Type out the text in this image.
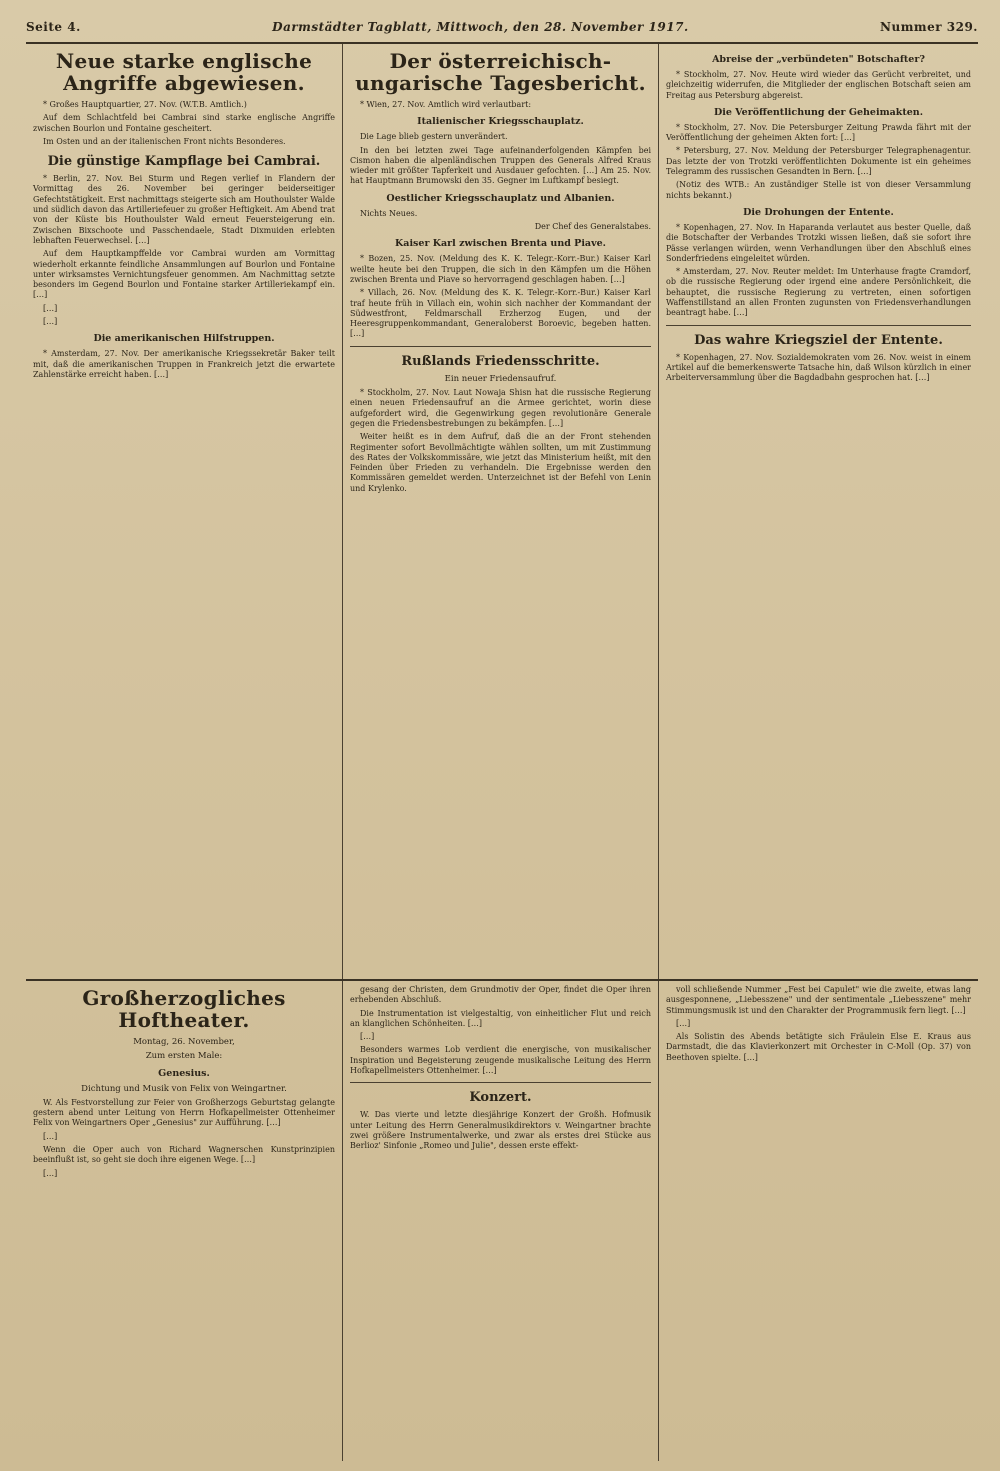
Seite 4.	Darmstädter Tagblatt, Mittwoch, den 28. November 1917.	Nummer 329.
Neue starke englische Angriffe abgewiesen.

* Großes Hauptquartier, 27. Nov. (W.T.B. Amtlich.)

Auf dem Schlachtfeld bei Cambrai sind starke englische Angriffe zwischen Bourlon und Fontaine gescheitert.

Im Osten und an der italienischen Front nichts Besonderes.

Die günstige Kampflage bei Cambrai.

* Berlin, 27. Nov. Bei Sturm und Regen verlief in Flandern der Vormittag des 26. November bei geringer beiderseitiger Gefechtstätigkeit. Erst nachmittags steigerte sich am Houthoulster Walde und südlich davon das Artilleriefeuer zu großer Heftigkeit. Am Abend trat von der Küste bis Houthoulster Wald erneut Feuersteigerung ein. Zwischen Bixschoote und Passchendaele, Stadt Dixmuiden erlebten lebhaften Feuerwechsel. […]

Auf dem Hauptkampffelde vor Cambrai wurden am Vormittag wiederholt erkannte feindliche Ansammlungen auf Bourlon und Fontaine unter wirksamstes Vernichtungsfeuer genommen. Am Nachmittag setzte besonders im Gegend Bourlon und Fontaine starker Artilleriekampf ein. […]

[…]

[…]

Die amerikanischen Hilfstruppen.

* Amsterdam, 27. Nov. Der amerikanische Kriegssekretär Baker teilt mit, daß die amerikanischen Truppen in Frankreich jetzt die erwartete Zahlenstärke erreicht haben. […]

Der österreichisch-ungarische Tagesbericht.

* Wien, 27. Nov. Amtlich wird verlautbart:

Italienischer Kriegsschauplatz.

Die Lage blieb gestern unverändert.

In den bei letzten zwei Tage aufeinanderfolgenden Kämpfen bei Cismon haben die alpenländischen Truppen des Generals Alfred Kraus wieder mit größter Tapferkeit und Ausdauer gefochten. […] Am 25. Nov. hat Hauptmann Brumowski den 35. Gegner im Luftkampf besiegt.

Oestlicher Kriegsschauplatz und Albanien.

Nichts Neues.

Der Chef des Generalstabes.
Kaiser Karl zwischen Brenta und Piave.

* Bozen, 25. Nov. (Meldung des K. K. Telegr.-Korr.-Bur.) Kaiser Karl weilte heute bei den Truppen, die sich in den Kämpfen um die Höhen zwischen Brenta und Piave so hervorragend geschlagen haben. […]

* Villach, 26. Nov. (Meldung des K. K. Telegr.-Korr.-Bur.) Kaiser Karl traf heute früh in Villach ein, wohin sich nachher der Kommandant der Südwestfront, Feldmarschall Erzherzog Eugen, und der Heeresgruppenkommandant, Generaloberst Boroevic, begeben hatten. […]

Rußlands Friedensschritte.
Ein neuer Friedensaufruf.

* Stockholm, 27. Nov. Laut Nowaja Shisn hat die russische Regierung einen neuen Friedensaufruf an die Armee gerichtet, worin diese aufgefordert wird, die Gegenwirkung gegen revolutionäre Generale gegen die Friedensbestrebungen zu bekämpfen. […]

Weiter heißt es in dem Aufruf, daß die an der Front stehenden Regimenter sofort Bevollmächtigte wählen sollten, um mit Zustimmung des Rates der Volkskommissäre, wie jetzt das Ministerium heißt, mit den Feinden über Frieden zu verhandeln. Die Ergebnisse werden den Kommissären gemeldet werden. Unterzeichnet ist der Befehl von Lenin und Krylenko.

Abreise der „verbündeten" Botschafter?

* Stockholm, 27. Nov. Heute wird wieder das Gerücht verbreitet, und gleichzeitig widerrufen, die Mitglieder der englischen Botschaft seien am Freitag aus Petersburg abgereist.

Die Veröffentlichung der Geheimakten.

* Stockholm, 27. Nov. Die Petersburger Zeitung Prawda fährt mit der Veröffentlichung der geheimen Akten fort: […]

* Petersburg, 27. Nov. Meldung der Petersburger Telegraphenagentur. Das letzte der von Trotzki veröffentlichten Dokumente ist ein geheimes Telegramm des russischen Gesandten in Bern. […]

(Notiz des WTB.: An zuständiger Stelle ist von dieser Versammlung nichts bekannt.)

Die Drohungen der Entente.

* Kopenhagen, 27. Nov. In Haparanda verlautet aus bester Quelle, daß die Botschafter der Verbandes Trotzki wissen ließen, daß sie sofort ihre Pässe verlangen würden, wenn Verhandlungen über den Abschluß eines Sonderfriedens eingeleitet würden.

* Amsterdam, 27. Nov. Reuter meldet: Im Unterhause fragte Cramdorf, ob die russische Regierung oder irgend eine andere Persönlichkeit, die behauptet, die russische Regierung zu vertreten, einen sofortigen Waffenstillstand an allen Fronten zugunsten von Friedensverhandlungen beantragt habe. […]

Das wahre Kriegsziel der Entente.

* Kopenhagen, 27. Nov. Sozialdemokraten vom 26. Nov. weist in einem Artikel auf die bemerkenswerte Tatsache hin, daß Wilson kürzlich in einer Arbeiterversammlung über die Bagdadbahn gesprochen hat. […]

Großherzogliches Hoftheater.
Montag, 26. November,
Zum ersten Male:
Genesius.
Dichtung und Musik von Felix von Weingartner.

W. Als Festvorstellung zur Feier von Großherzogs Geburtstag gelangte gestern abend unter Leitung von Herrn Hofkapellmeister Ottenheimer Felix von Weingartners Oper „Genesius" zur Aufführung. […]

[…]

Wenn die Oper auch von Richard Wagnerschen Kunstprinzipien beeinflußt ist, so geht sie doch ihre eigenen Wege. […]

[…]

gesang der Christen, dem Grundmotiv der Oper, findet die Oper ihren erhebenden Abschluß.

Die Instrumentation ist vielgestaltig, von einheitlicher Flut und reich an klanglichen Schönheiten. […]

[…]

Besonders warmes Lob verdient die energische, von musikalischer Inspiration und Begeisterung zeugende musikalische Leitung des Herrn Hofkapellmeisters Ottenheimer. […]

Konzert.

W. Das vierte und letzte diesjährige Konzert der Großh. Hofmusik unter Leitung des Herrn Generalmusikdirektors v. Weingartner brachte zwei größere Instrumentalwerke, und zwar als erstes drei Stücke aus Berlioz' Sinfonie „Romeo und Julie", dessen erste effekt-

voll schließende Nummer „Fest bei Capulet" wie die zweite, etwas lang ausgesponnene, „Liebesszene" und der sentimentale „Liebesszene" mehr Stimmungsmusik ist und den Charakter der Programmusik fern liegt. […]

[…]

Als Solistin des Abends betätigte sich Fräulein Else E. Kraus aus Darmstadt, die das Klavierkonzert mit Orchester in C-Moll (Op. 37) von Beethoven spielte. […]
